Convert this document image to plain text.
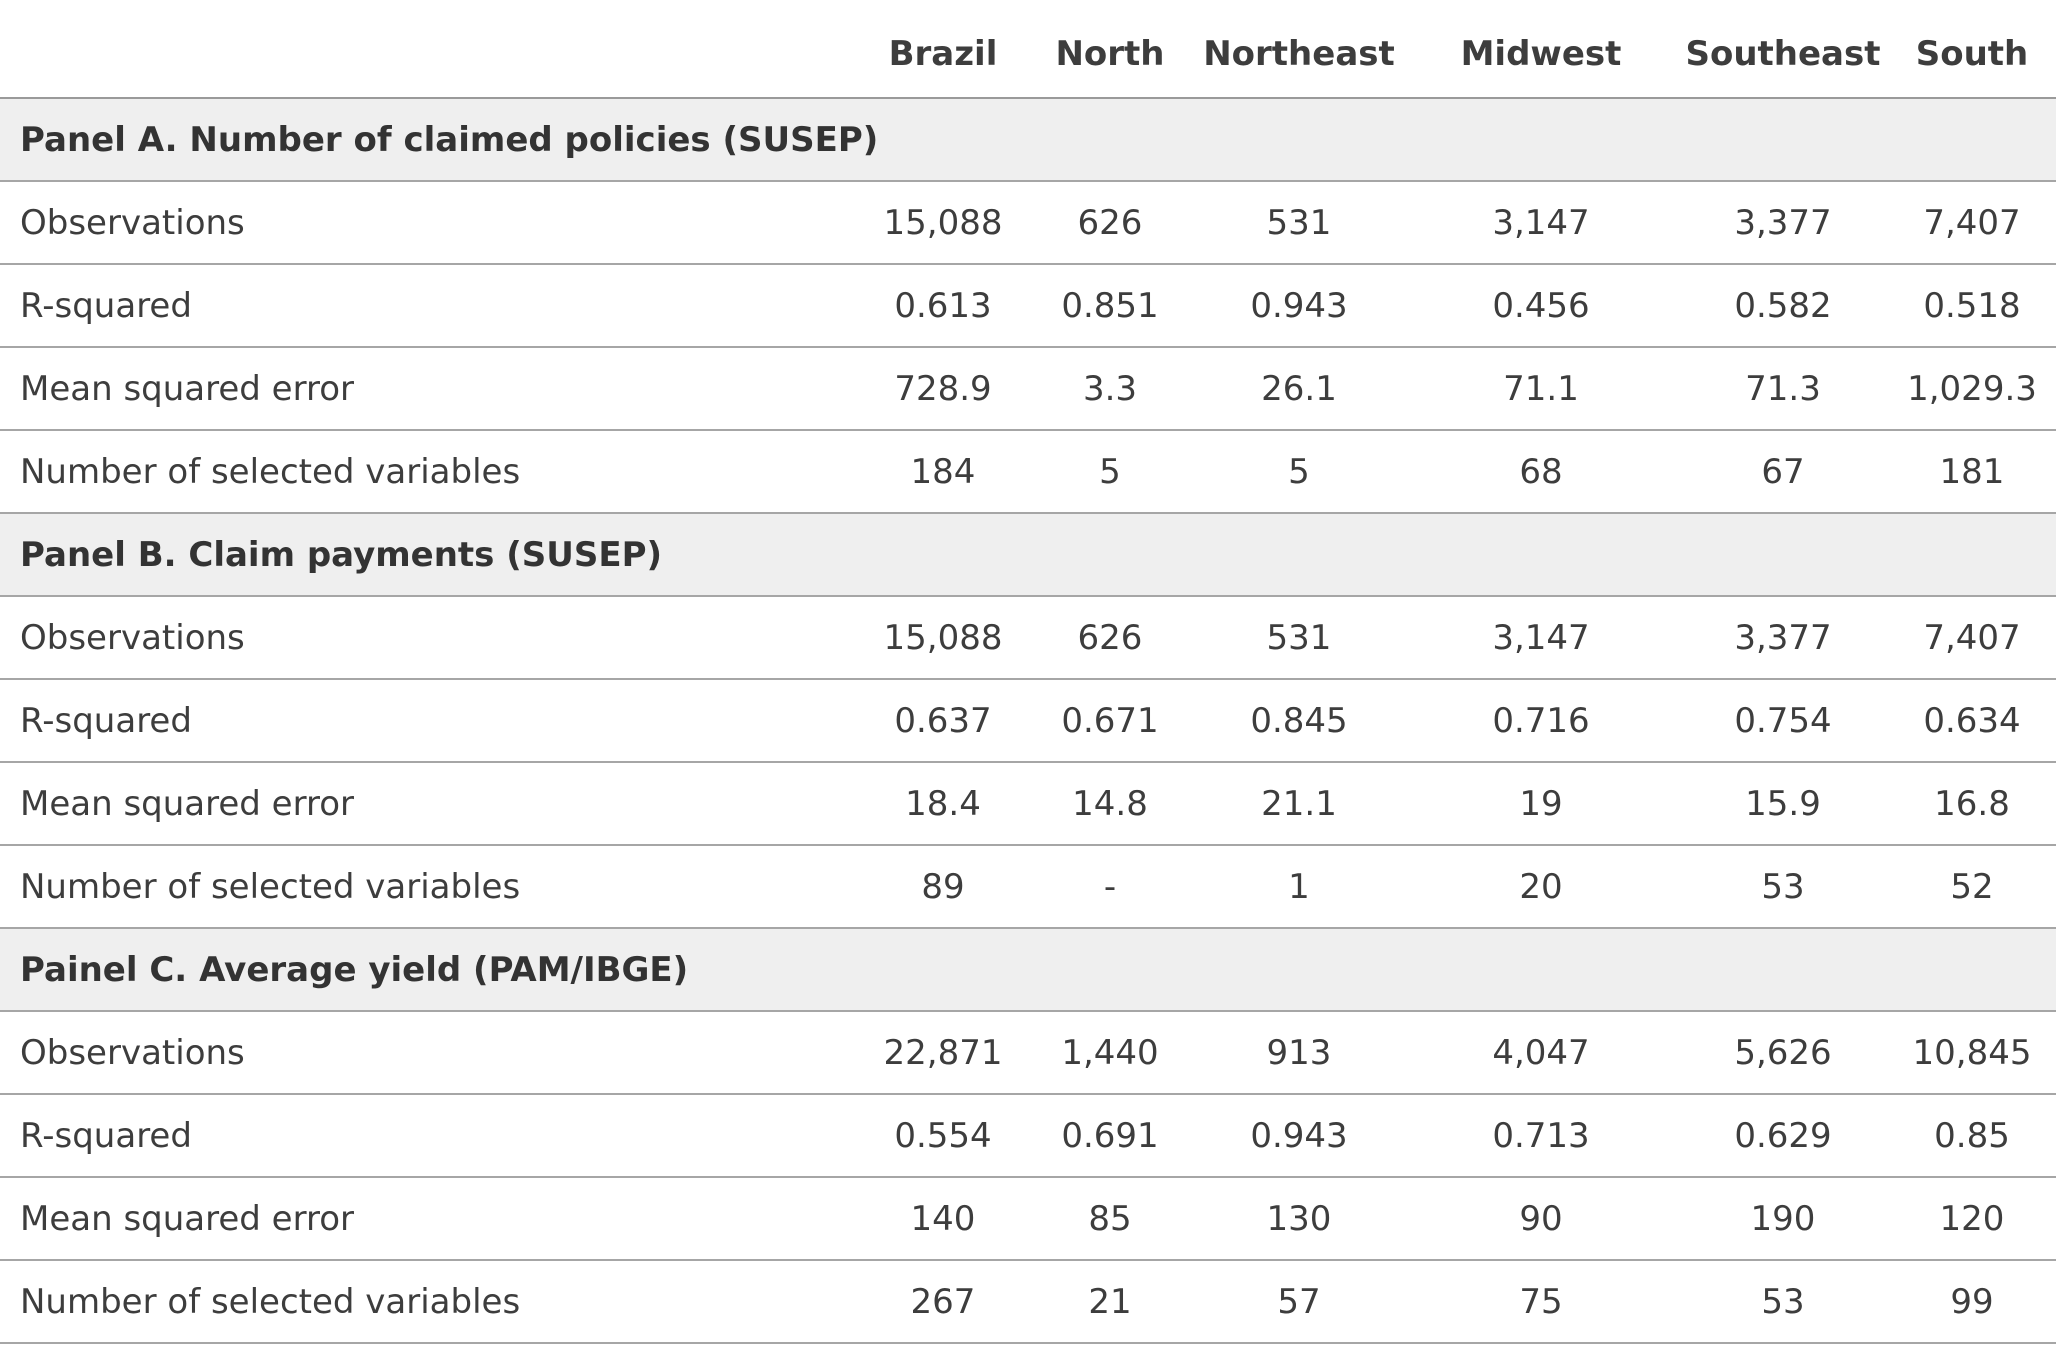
	Brazil	North	Northeast	Midwest	Southeast	South
Panel A. Number of claimed policies (SUSEP)						
Observations	15,088	626	531	3,147	3,377	7,407
R-squared	0.613	0.851	0.943	0.456	0.582	0.518
Mean squared error	728.9	3.3	26.1	71.1	71.3	1,029.3
Number of selected variables	184	5	5	68	67	181
Panel B. Claim payments (SUSEP)						
Observations	15,088	626	531	3,147	3,377	7,407
R-squared	0.637	0.671	0.845	0.716	0.754	0.634
Mean squared error	18.4	14.8	21.1	19	15.9	16.8
Number of selected variables	89	-	1	20	53	52
Painel C. Average yield (PAM/IBGE)						
Observations	22,871	1,440	913	4,047	5,626	10,845
R-squared	0.554	0.691	0.943	0.713	0.629	0.85
Mean squared error	140	85	130	90	190	120
Number of selected variables	267	21	57	75	53	99
